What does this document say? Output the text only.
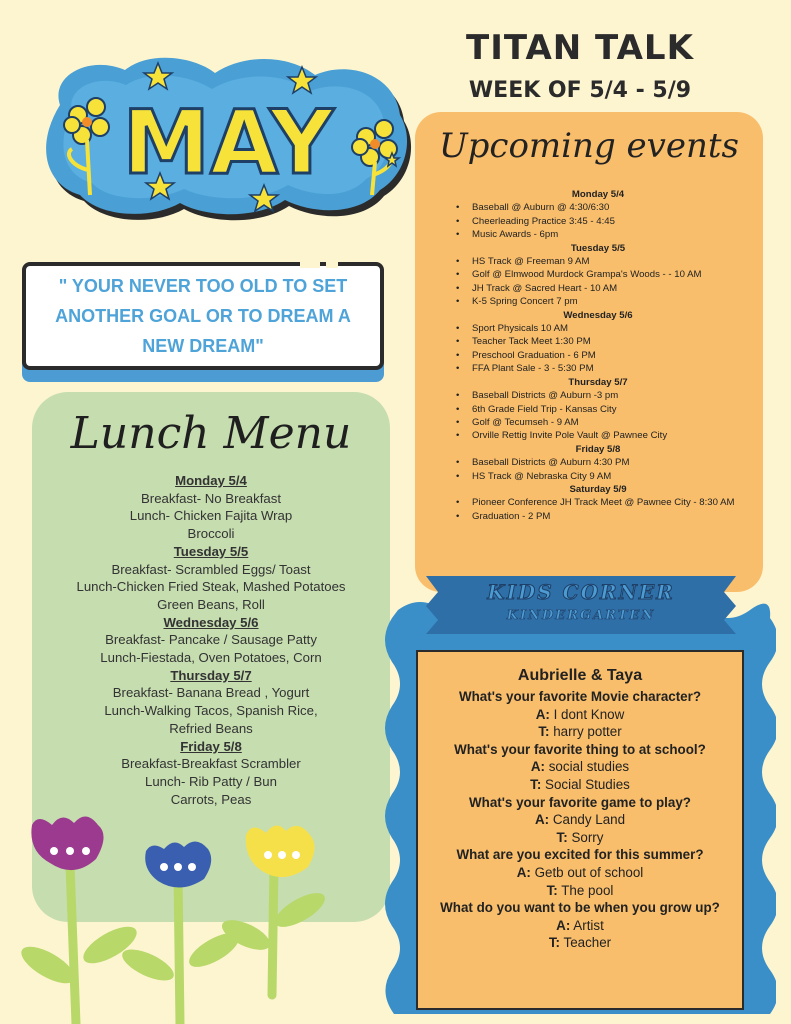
MAY
TITAN TALK
WEEK OF 5/4 - 5/9
" YOUR NEVER TOO OLD TO SET ANOTHER GOAL OR TO DREAM A NEW DREAM"
Lunch Menu
Monday 5/4
Breakfast- No Breakfast
Lunch- Chicken Fajita Wrap
Broccoli
Tuesday 5/5
Breakfast- Scrambled Eggs/ Toast
Lunch-Chicken Fried Steak, Mashed Potatoes
Green Beans, Roll
Wednesday 5/6
Breakfast- Pancake / Sausage Patty
Lunch-Fiestada, Oven Potatoes, Corn
Thursday 5/7
Breakfast- Banana Bread , Yogurt
Lunch-Walking Tacos, Spanish Rice,
Refried Beans
Friday 5/8
Breakfast-Breakfast Scrambler
Lunch- Rib Patty / Bun
Carrots, Peas
Upcoming events
Monday 5/4
• Baseball @ Auburn @ 4:30/6:30
• Cheerleading Practice 3:45 - 4:45
• Music Awards - 6pm
Tuesday 5/5
• HS Track @ Freeman 9 AM
• Golf @ Elmwood Murdock Grampa's Woods - - 10 AM
• JH Track @ Sacred Heart - 10 AM
• K-5 Spring Concert 7 pm
Wednesday 5/6
• Sport Physicals 10 AM
• Teacher Tack Meet 1:30 PM
• Preschool Graduation - 6 PM
• FFA Plant Sale - 3 - 5:30 PM
Thursday 5/7
• Baseball Districts @ Auburn -3 pm
• 6th Grade Field Trip - Kansas City
• Golf @ Tecumseh - 9 AM
• Orville Rettig Invite Pole Vault @ Pawnee City
Friday 5/8
• Baseball Districts @ Auburn 4:30 PM
• HS Track @ Nebraska City 9 AM
Saturday 5/9
• Pioneer Conference JH Track Meet @ Pawnee City - 8:30 AM
• Graduation - 2 PM
KIDS CORNER
KINDERGARTEN
Aubrielle & Taya
What's your favorite Movie character?
A: I dont Know
T: harry potter
What's your favorite thing to at school?
A: social studies
T: Social Studies
What's your favorite game to play?
A: Candy Land
T: Sorry
What are you excited for this summer?
A: Getb out of school
T: The pool
What do you want to be when you grow up?
A: Artist
T: Teacher
